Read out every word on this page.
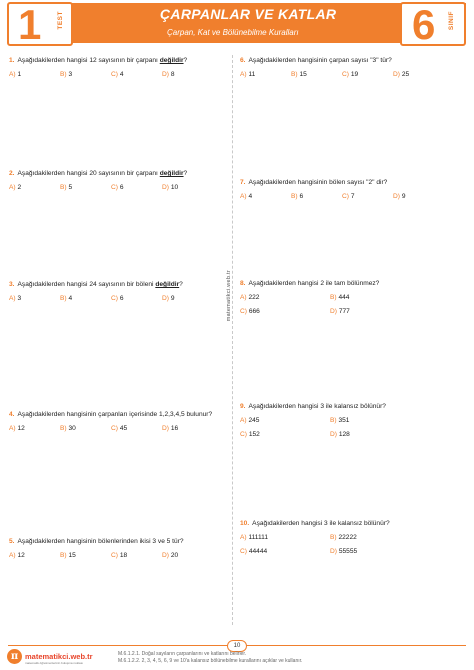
1 TEST	ÇARPANLAR VE KATLAR
Çarpan, Kat ve Bölünebilme Kuralları	6 SINIF
matematikci.web.tr
1. Aşağıdakilerden hangisi 12 sayısının bir çarpanı değildir?
A) 1	B) 3	C) 4	D) 8
2. Aşağıdakilerden hangisi 20 sayısının bir çarpanı değildir?
A) 2	B) 5	C) 6	D) 10
3. Aşağıdakilerden hangisi 24 sayısının bir böleni değildir?
A) 3	B) 4	C) 6	D) 9
4. Aşağıdakilerden hangisinin çarpanları içerisinde 1,2,3,4,5 bulunur?
A) 12	B) 30	C) 45	D) 16
5. Aşağıdakilerden hangisinin bölenlerinden ikisi 3 ve 5 tür?
A) 12	B) 15	C) 18	D) 20
6. Aşağıdakilerden hangisinin çarpan sayısı "3" tür?
A) 11	B) 15	C) 19	D) 25
7. Aşağıdakilerden hangisinin bölen sayısı "2" dir?
A) 4	B) 6	C) 7	D) 9
8. Aşağıdakilerden hangisi 2 ile tam bölünmez?
A) 222	B) 444
C) 666	D) 777
9. Aşağıdakilerden hangisi 3 ile kalansız bölünür?
A) 245	B) 351
C) 152	D) 128
10. Aşağıdakilerden hangisi 3 ile kalansız bölünür?
A) 111111	B) 22222
C) 44444	D) 55555
10
π matematikci.web.tr
matematik öğretmenlerinin buluşma noktası
M.6.1.2.1. Doğal sayıların çarpanlarını ve katlarını belirler.
M.6.1.2.2. 2, 3, 4, 5, 6, 9 ve 10'a kalansız bölünebilme kurallarını açıklar ve kullanır.
